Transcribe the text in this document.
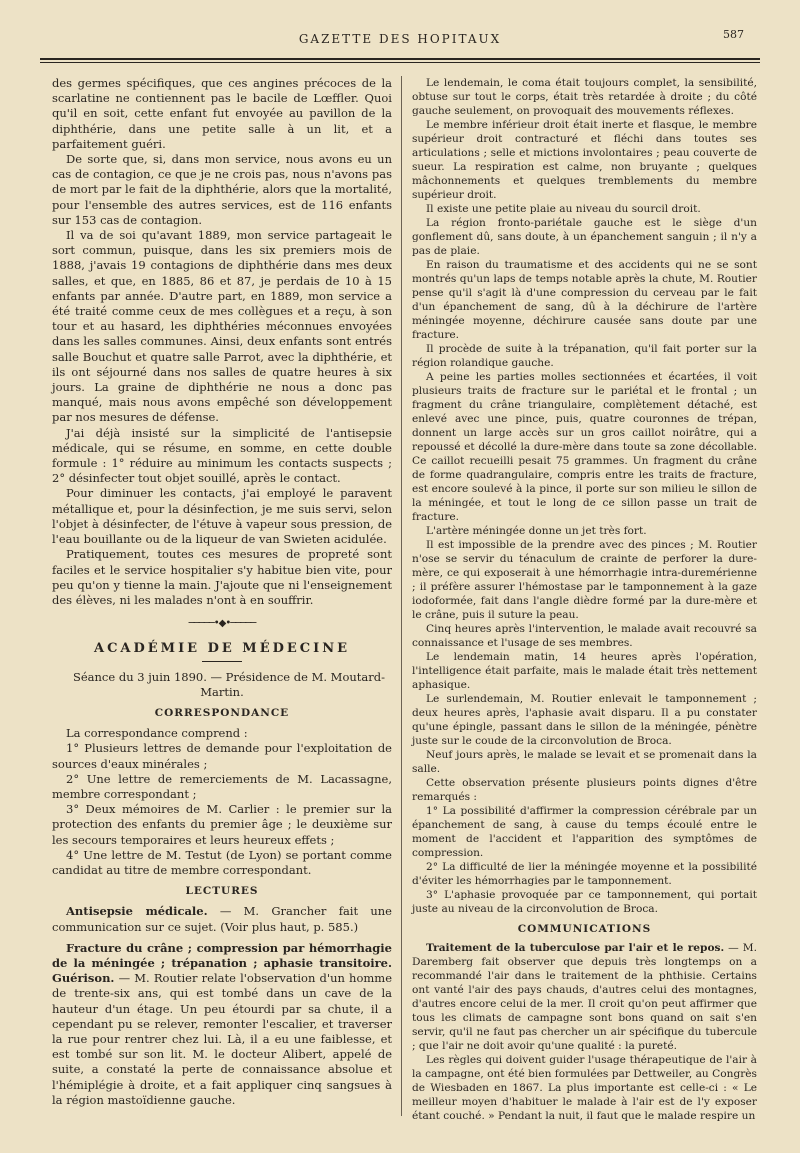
GAZETTE DES HOPITAUX	587

des germes spécifiques, que ces angines précoces de la scarlatine ne contiennent pas le bacile de Lœffler. Quoi qu'il en soit, cette enfant fut envoyée au pavillon de la diphthérie, dans une petite salle à un lit, et a parfaitement guéri.

De sorte que, si, dans mon service, nous avons eu un cas de contagion, ce que je ne crois pas, nous n'avons pas de mort par le fait de la diphthérie, alors que la mortalité, pour l'ensemble des autres services, est de 116 enfants sur 153 cas de contagion.

Il va de soi qu'avant 1889, mon service partageait le sort commun, puisque, dans les six premiers mois de 1888, j'avais 19 contagions de diphthérie dans mes deux salles, et que, en 1885, 86 et 87, je perdais de 10 à 15 enfants par année. D'autre part, en 1889, mon service a été traité comme ceux de mes collègues et a reçu, à son tour et au hasard, les diphthéries méconnues envoyées dans les salles communes. Ainsi, deux enfants sont entrés salle Bouchut et quatre salle Parrot, avec la diphthérie, et ils ont séjourné dans nos salles de quatre heures à six jours. La graine de diphthérie ne nous a donc pas manqué, mais nous avons empêché son développement par nos mesures de défense.

J'ai déjà insisté sur la simplicité de l'antisepsie médicale, qui se résume, en somme, en cette double formule : 1° réduire au minimum les contacts suspects ; 2° désinfecter tout objet souillé, après le contact.

Pour diminuer les contacts, j'ai employé le paravent métallique et, pour la désinfection, je me suis servi, selon l'objet à désinfecter, de l'étuve à vapeur sous pression, de l'eau bouillante ou de la liqueur de van Swieten acidulée.

Pratiquement, toutes ces mesures de propreté sont faciles et le service hospitalier s'y habitue bien vite, pour peu qu'on y tienne la main. J'ajoute que ni l'enseignement des élèves, ni les malades n'ont à en souffrir.

─────•◆•─────
ACADÉMIE DE MÉDECINE

Séance du 3 juin 1890. — Présidence de M. Moutard-Martin.

CORRESPONDANCE

La correspondance comprend :

1° Plusieurs lettres de demande pour l'exploitation de sources d'eaux minérales ;

2° Une lettre de remerciements de M. Lacassagne, membre correspondant ;

3° Deux mémoires de M. Carlier : le premier sur la protection des enfants du premier âge ; le deuxième sur les secours temporaires et leurs heureux effets ;

4° Une lettre de M. Testut (de Lyon) se portant comme candidat au titre de membre correspondant.

LECTURES

Antisepsie médicale. — M. Grancher fait une communication sur ce sujet. (Voir plus haut, p. 585.)

Fracture du crâne ; compression par hémorrhagie de la méningée ; trépanation ; aphasie transitoire. Guérison. — M. Routier relate l'observation d'un homme de trente-six ans, qui est tombé dans un cave de la hauteur d'un étage. Un peu étourdi par sa chute, il a cependant pu se relever, remonter l'escalier, et traverser la rue pour rentrer chez lui. Là, il a eu une faiblesse, et est tombé sur son lit. M. le docteur Alibert, appelé de suite, a constaté la perte de connaissance absolue et l'hémiplégie à droite, et a fait appliquer cinq sangsues à la région mastoïdienne gauche.

Le lendemain, le coma était toujours complet, la sensibilité, obtuse sur tout le corps, était très retardée à droite ; du côté gauche seulement, on provoquait des mouvements réflexes.

Le membre inférieur droit était inerte et flasque, le membre supérieur droit contracturé et fléchi dans toutes ses articulations ; selle et mictions involontaires ; peau couverte de sueur. La respiration est calme, non bruyante ; quelques mâchonnements et quelques tremblements du membre supérieur droit.

Il existe une petite plaie au niveau du sourcil droit.

La région fronto-pariétale gauche est le siège d'un gonflement dû, sans doute, à un épanchement sanguin ; il n'y a pas de plaie.

En raison du traumatisme et des accidents qui ne se sont montrés qu'un laps de temps notable après la chute, M. Routier pense qu'il s'agit là d'une compression du cerveau par le fait d'un épanchement de sang, dû à la déchirure de l'artère méningée moyenne, déchirure causée sans doute par une fracture.

Il procède de suite à la trépanation, qu'il fait porter sur la région rolandique gauche.

A peine les parties molles sectionnées et écartées, il voit plusieurs traits de fracture sur le pariétal et le frontal ; un fragment du crâne triangulaire, complètement détaché, est enlevé avec une pince, puis, quatre couronnes de trépan, donnent un large accès sur un gros caillot noirâtre, qui a repoussé et décollé la dure-mère dans toute sa zone décollable. Ce caillot recueilli pesait 75 grammes. Un fragment du crâne de forme quadrangulaire, compris entre les traits de fracture, est encore soulevé à la pince, il porte sur son milieu le sillon de la méningée, et tout le long de ce sillon passe un trait de fracture.

L'artère méningée donne un jet très fort.

Il est impossible de la prendre avec des pinces ; M. Routier n'ose se servir du ténaculum de crainte de perforer la dure-mère, ce qui exposerait à une hémorrhagie intra-duremérienne ; il préfère assurer l'hémostase par le tamponnement à la gaze iodoformée, fait dans l'angle dièdre formé par la dure-mère et le crâne, puis il suture la peau.

Cinq heures après l'intervention, le malade avait recouvré sa connaissance et l'usage de ses membres.

Le lendemain matin, 14 heures après l'opération, l'intelligence était parfaite, mais le malade était très nettement aphasique.

Le surlendemain, M. Routier enlevait le tamponnement ; deux heures après, l'aphasie avait disparu. Il a pu constater qu'une épingle, passant dans le sillon de la méningée, pénètre juste sur le coude de la circonvolution de Broca.

Neuf jours après, le malade se levait et se promenait dans la salle.

Cette observation présente plusieurs points dignes d'être remarqués :

1° La possibilité d'affirmer la compression cérébrale par un épanchement de sang, à cause du temps écoulé entre le moment de l'accident et l'apparition des symptômes de compression.

2° La difficulté de lier la méningée moyenne et la possibilité d'éviter les hémorrhagies par le tamponnement.

3° L'aphasie provoquée par ce tamponnement, qui portait juste au niveau de la circonvolution de Broca.

COMMUNICATIONS

Traitement de la tuberculose par l'air et le repos. — M. Daremberg fait observer que depuis très longtemps on a recommandé l'air dans le traitement de la phthisie. Certains ont vanté l'air des pays chauds, d'autres celui des montagnes, d'autres encore celui de la mer. Il croit qu'on peut affirmer que tous les climats de campagne sont bons quand on sait s'en servir, qu'il ne faut pas chercher un air spécifique du tubercule ; que l'air ne doit avoir qu'une qualité : la pureté.

Les règles qui doivent guider l'usage thérapeutique de l'air à la campagne, ont été bien formulées par Dettweiler, au Congrès de Wiesbaden en 1867. La plus importante est celle-ci : « Le meilleur moyen d'habituer le malade à l'air est de l'y exposer étant couché. » Pendant la nuit, il faut que le malade respire un
